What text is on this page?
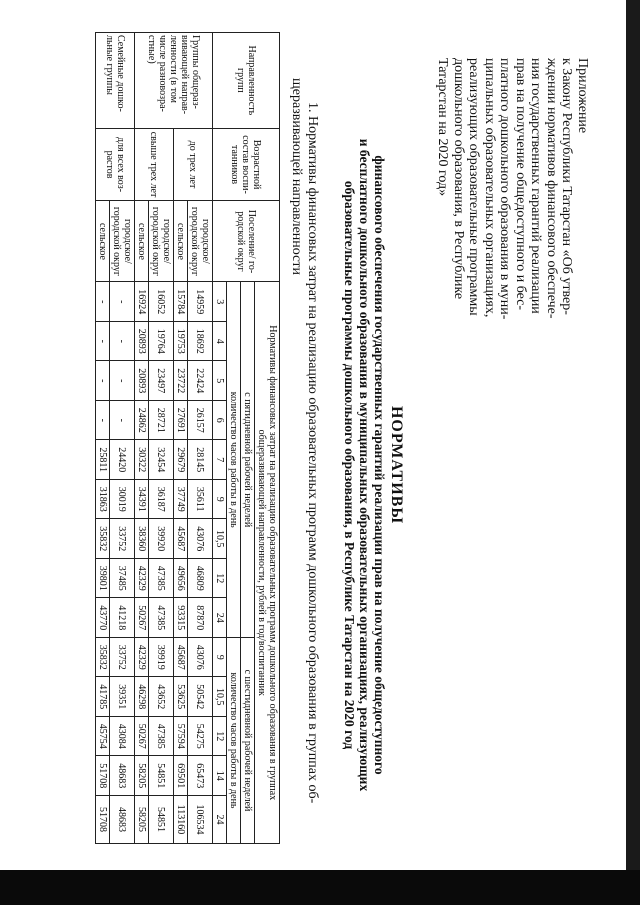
Приложение
к Закону Республики Татарстан «Об утвер-
ждении нормативов финансового обеспече-
ния государственных гарантий реализации
прав на получение общедоступного и бес-
платного дошкольного образования в муни-
ципальных образовательных организациях,
реализующих образовательные программы
дошкольного образования, в Республике
Татарстан на 2020 год»
НОРМАТИВЫ
финансового обеспечения государственных гарантий реализации прав на получение общедоступного
и бесплатного дошкольного образования в муниципальных образовательных организациях, реализующих
образовательные программы дошкольного образования, в Республике Татарстан на 2020 год
1. Нормативы финансовых затрат на реализацию образовательных программ дошкольного образования в группах об-
щеразвивающей направленности
Направленность групп	Возрастной состав воспи-танников	Поселение/ го-родской округ	Нормативы финансовых затрат на реализацию образовательных программ дошкольного образования в группах общеразвивающей направленности, рублей в год/воспитанник													
			с пятидневной рабочей неделей									с шестидневной рабочей неделей				
			количество часов работы в день									количество часов работы в день				
			3	4	5	6	7	9	10,5	12	24	9	10,5	12	14	24
Группы общераз-вивающей направ-ленности (в том числе разновозра-стные)	до трех лет	городское/ городской округ	14959	18692	22424	26157	28145	35611	43076	46809	87870	43076	50542	54275	65473	106534
		сельское	15784	19753	23722	27691	29679	37749	45687	49656	93315	45687	53625	57594	69501	113160
	свыше трех лет	городское/ городской округ	16052	19764	23497	28721	32454	36187	39920	47385	47385	39919	43652	47385	54851	54851
		сельское	16924	20893	20893	24862	30322	34391	38360	42329	50267	42329	46298	50267	58205	58205
Семейные дошко-льные группы	для всех воз-растов	городское/ городской округ	-	-	-	-	24420	30019	33752	37485	41218	33752	39351	43084	48683	48683
		сельское	-	-	-	-	25811	31863	35832	39801	43770	35832	41785	45754	51708	51708
